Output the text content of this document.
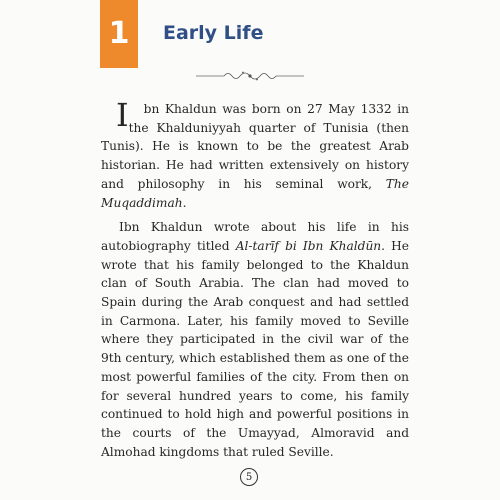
1 Early Life

I bn Khaldun was born on 27 May 1332 in the Khalduniyyah quarter of Tunisia (then Tunis). He is known to be the greatest Arab historian. He had written extensively on history and philosophy in his seminal work, The Muqaddimah.

Ibn Khaldun wrote about his life in his autobiography titled Al-tarīf bi Ibn Khaldūn. He wrote that his family belonged to the Khaldun clan of South Arabia. The clan had moved to Spain during the Arab conquest and had settled in Carmona. Later, his family moved to Seville where they participated in the civil war of the 9th century, which established them as one of the most powerful families of the city. From then on for several hundred years to come, his family continued to hold high and powerful positions in the courts of the Umayyad, Almoravid and Almohad kingdoms that ruled Seville.

5
